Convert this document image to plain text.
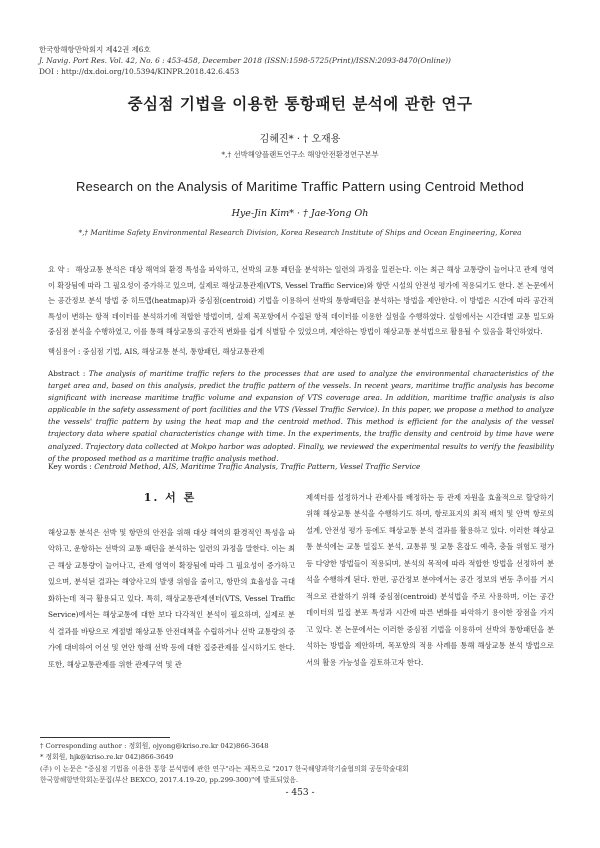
한국항해항만학회지 제42권 제6호
J. Navig. Port Res. Vol. 42, No. 6 : 453-458, December 2018 (ISSN:1598-5725(Print)/ISSN:2093-8470(Online))
DOI : http://dx.doi.org/10.5394/KINPR.2018.42.6.453
중심점 기법을 이용한 통항패턴 분석에 관한 연구
김혜진* · † 오재용
*,† 선박해양플랜트연구소 해양안전환경연구본부
Research on the Analysis of Maritime Traffic Pattern using Centroid Method
Hye-Jin Kim* · † Jae-Yong Oh
*,† Maritime Safety Environmental Research Division, Korea Research Institute of Ships and Ocean Engineering, Korea
요 약 : 해상교통 분석은 대상 해역의 환경 특성을 파악하고, 선박의 교통 패턴을 분석하는 일련의 과정을 일컫는다. 이는 최근 해상 교통량이 늘어나고 관제 영역이 확장됨에 따라 그 필요성이 증가하고 있으며, 실제로 해상교통관제(VTS, Vessel Traffic Service)와 항만 시설의 안전성 평가에 적용되기도 한다. 본 논문에서는 공간정보 분석 방법 중 히트맵(heatmap)과 중심점(centroid) 기법을 이용하여 선박의 통항패턴을 분석하는 방법을 제안한다. 이 방법은 시간에 따라 공간적 특성이 변하는 항적 데이터를 분석하기에 적합한 방법이며, 실제 목포항에서 수집된 항적 데이터를 이용한 실험을 수행하였다. 실험에서는 시간대별 교통 밀도와 중심점 분석을 수행하였고, 이를 통해 해상교통의 공간적 변화를 쉽게 식별할 수 있었으며, 제안하는 방법이 해상교통 분석법으로 활용될 수 있음을 확인하였다.
핵심용어 : 중심점 기법, AIS, 해상교통 분석, 통항패턴, 해상교통관제
Abstract : The analysis of maritime traffic refers to the processes that are used to analyze the environmental characteristics of the target area and, based on this analysis, predict the traffic pattern of the vessels. In recent years, maritime traffic analysis has become significant with increase maritime traffic volume and expansion of VTS coverage area. In addition, maritime traffic analysis is also applicable in the safety assessment of port facilities and the VTS (Vessel Traffic Service). In this paper, we propose a method to analyze the vessels' traffic pattern by using the heat map and the centroid method. This method is efficient for the analysis of the vessel trajectory data where spatial characteristics change with time. In the experiments, the traffic density and centroid by time have were analyzed. Trajectory data collected at Mokpo harbor was adopted. Finally, we reviewed the experimental results to verify the feasibility of the proposed method as a maritime traffic analysis method.
Key words : Centroid Method, AIS, Maritime Traffic Analysis, Traffic Pattern, Vessel Traffic Service
1. 서 론

해상교통 분석은 선박 및 항만의 안전을 위해 대상 해역의 환경적인 특성을 파악하고, 운항하는 선박의 교통 패턴을 분석하는 일련의 과정을 말한다. 이는 최근 해상 교통량이 늘어나고, 관제 영역이 확장됨에 따라 그 필요성이 증가하고 있으며, 분석된 결과는 해양사고의 발생 위험을 줄이고, 항만의 효율성을 극대화하는데 적극 활용되고 있다. 특히, 해상교통관제센터(VTS, Vessel Traffic Service)에서는 해상교통에 대한 보다 다각적인 분석이 필요하며, 실제로 분석 결과를 바탕으로 계절별 해상교통 안전대책을 수립하거나 선박 교통량의 증가에 대비하여 어선 및 연안 항해 선박 등에 대한 집중관제를 실시하기도 한다. 또한, 해상교통관제를 위한 관제구역 및 관

제섹터를 설정하거나 관제사를 배정하는 등 관제 자원을 효율적으로 할당하기 위해 해상교통 분석을 수행하기도 하며, 항로표지의 최적 배치 및 안벽 항로의 설계, 안전성 평가 등에도 해상교통 분석 결과를 활용하고 있다. 이러한 해상교통 분석에는 교통 밀집도 분석, 교통류 및 교통 혼잡도 예측, 충돌 위험도 평가 등 다양한 방법들이 적용되며, 분석의 목적에 따라 적합한 방법을 선정하여 분석을 수행하게 된다. 한편, 공간정보 분야에서는 공간 정보의 변동 추이를 거시적으로 관찰하기 위해 중심점(centroid) 분석법을 주로 사용하며, 이는 공간 데이터의 밀집 분포 특성과 시간에 따른 변화를 파악하기 용이한 장점을 가지고 있다. 본 논문에서는 이러한 중심점 기법을 이용하여 선박의 통항패턴을 분석하는 방법을 제안하며, 목포항의 적용 사례를 통해 해상교통 분석 방법으로서의 활용 가능성을 검토하고자 한다.

† Corresponding author : 정회원, ojyong@kriso.re.kr 042)866-3648
* 정회원, hjk@kriso.re.kr 042)866-3649
(주) 이 논문은 "중심점 기법을 이용한 통항 분석법에 관한 연구"라는 제목으로 "2017 한국해양과학기술협의회 공동학술대회
한국항해항만학회논문집(부산 BEXCO, 2017.4.19-20, pp.299-300)"에 발표되었음.
- 453 -
